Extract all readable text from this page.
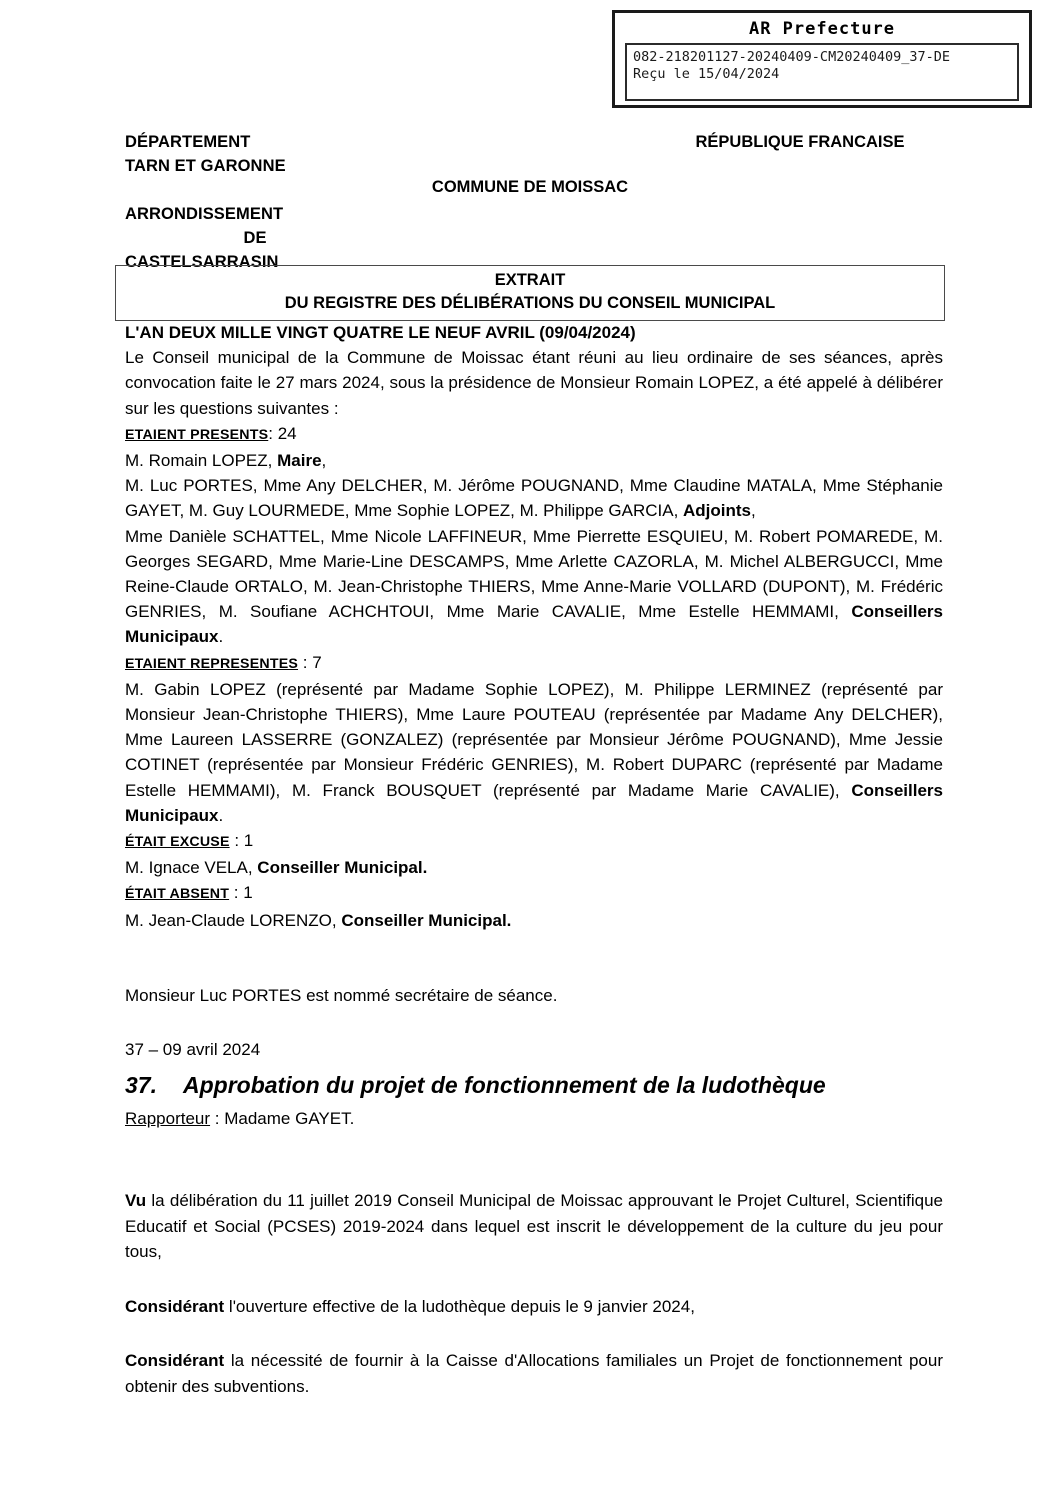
AR Prefecture
082-218201127-20240409-CM20240409_37-DE
Reçu le 15/04/2024
DÉPARTEMENT
TARN ET GARONNE
ARRONDISSEMENT
DE
CASTELSARRASIN
RÉPUBLIQUE FRANCAISE
COMMUNE DE MOISSAC
EXTRAIT
DU REGISTRE DES DÉLIBÉRATIONS DU CONSEIL MUNICIPAL

L'AN DEUX MILLE VINGT QUATRE LE NEUF AVRIL (09/04/2024)

Le Conseil municipal de la Commune de Moissac étant réuni au lieu ordinaire de ses séances, après convocation faite le 27 mars 2024, sous la présidence de Monsieur Romain LOPEZ, a été appelé à délibérer sur les questions suivantes :

ETAIENT PRESENTS: 24

M. Romain LOPEZ, Maire,

M. Luc PORTES, Mme Any DELCHER, M. Jérôme POUGNAND, Mme Claudine MATALA, Mme Stéphanie GAYET, M. Guy LOURMEDE, Mme Sophie LOPEZ, M. Philippe GARCIA, Adjoints,

Mme Danièle SCHATTEL, Mme Nicole LAFFINEUR, Mme Pierrette ESQUIEU, M. Robert POMAREDE, M. Georges SEGARD, Mme Marie-Line DESCAMPS, Mme Arlette CAZORLA, M. Michel ALBERGUCCI, Mme Reine-Claude ORTALO, M. Jean-Christophe THIERS, Mme Anne-Marie VOLLARD (DUPONT), M. Frédéric GENRIES, M. Soufiane ACHCHTOUI, Mme Marie CAVALIE, Mme Estelle HEMMAMI, Conseillers Municipaux.

ETAIENT REPRESENTES : 7

M. Gabin LOPEZ (représenté par Madame Sophie LOPEZ), M. Philippe LERMINEZ (représenté par Monsieur Jean-Christophe THIERS), Mme Laure POUTEAU (représentée par Madame Any DELCHER), Mme Laureen LASSERRE (GONZALEZ) (représentée par Monsieur Jérôme POUGNAND), Mme Jessie COTINET (représentée par Monsieur Frédéric GENRIES), M. Robert DUPARC (représenté par Madame Estelle HEMMAMI), M. Franck BOUSQUET (représenté par Madame Marie CAVALIE), Conseillers Municipaux.

ÉTAIT EXCUSE : 1

M. Ignace VELA, Conseiller Municipal.

ÉTAIT ABSENT : 1

M. Jean-Claude LORENZO, Conseiller Municipal.

Monsieur Luc PORTES est nommé secrétaire de séance.

37 – 09 avril 2024
37. Approbation du projet de fonctionnement de la ludothèque
Rapporteur : Madame GAYET.

Vu la délibération du 11 juillet 2019 Conseil Municipal de Moissac approuvant le Projet Culturel, Scientifique Educatif et Social (PCSES) 2019-2024 dans lequel est inscrit le développement de la culture du jeu pour tous,

Considérant l'ouverture effective de la ludothèque depuis le 9 janvier 2024,

Considérant la nécessité de fournir à la Caisse d'Allocations familiales un Projet de fonctionnement pour obtenir des subventions.
